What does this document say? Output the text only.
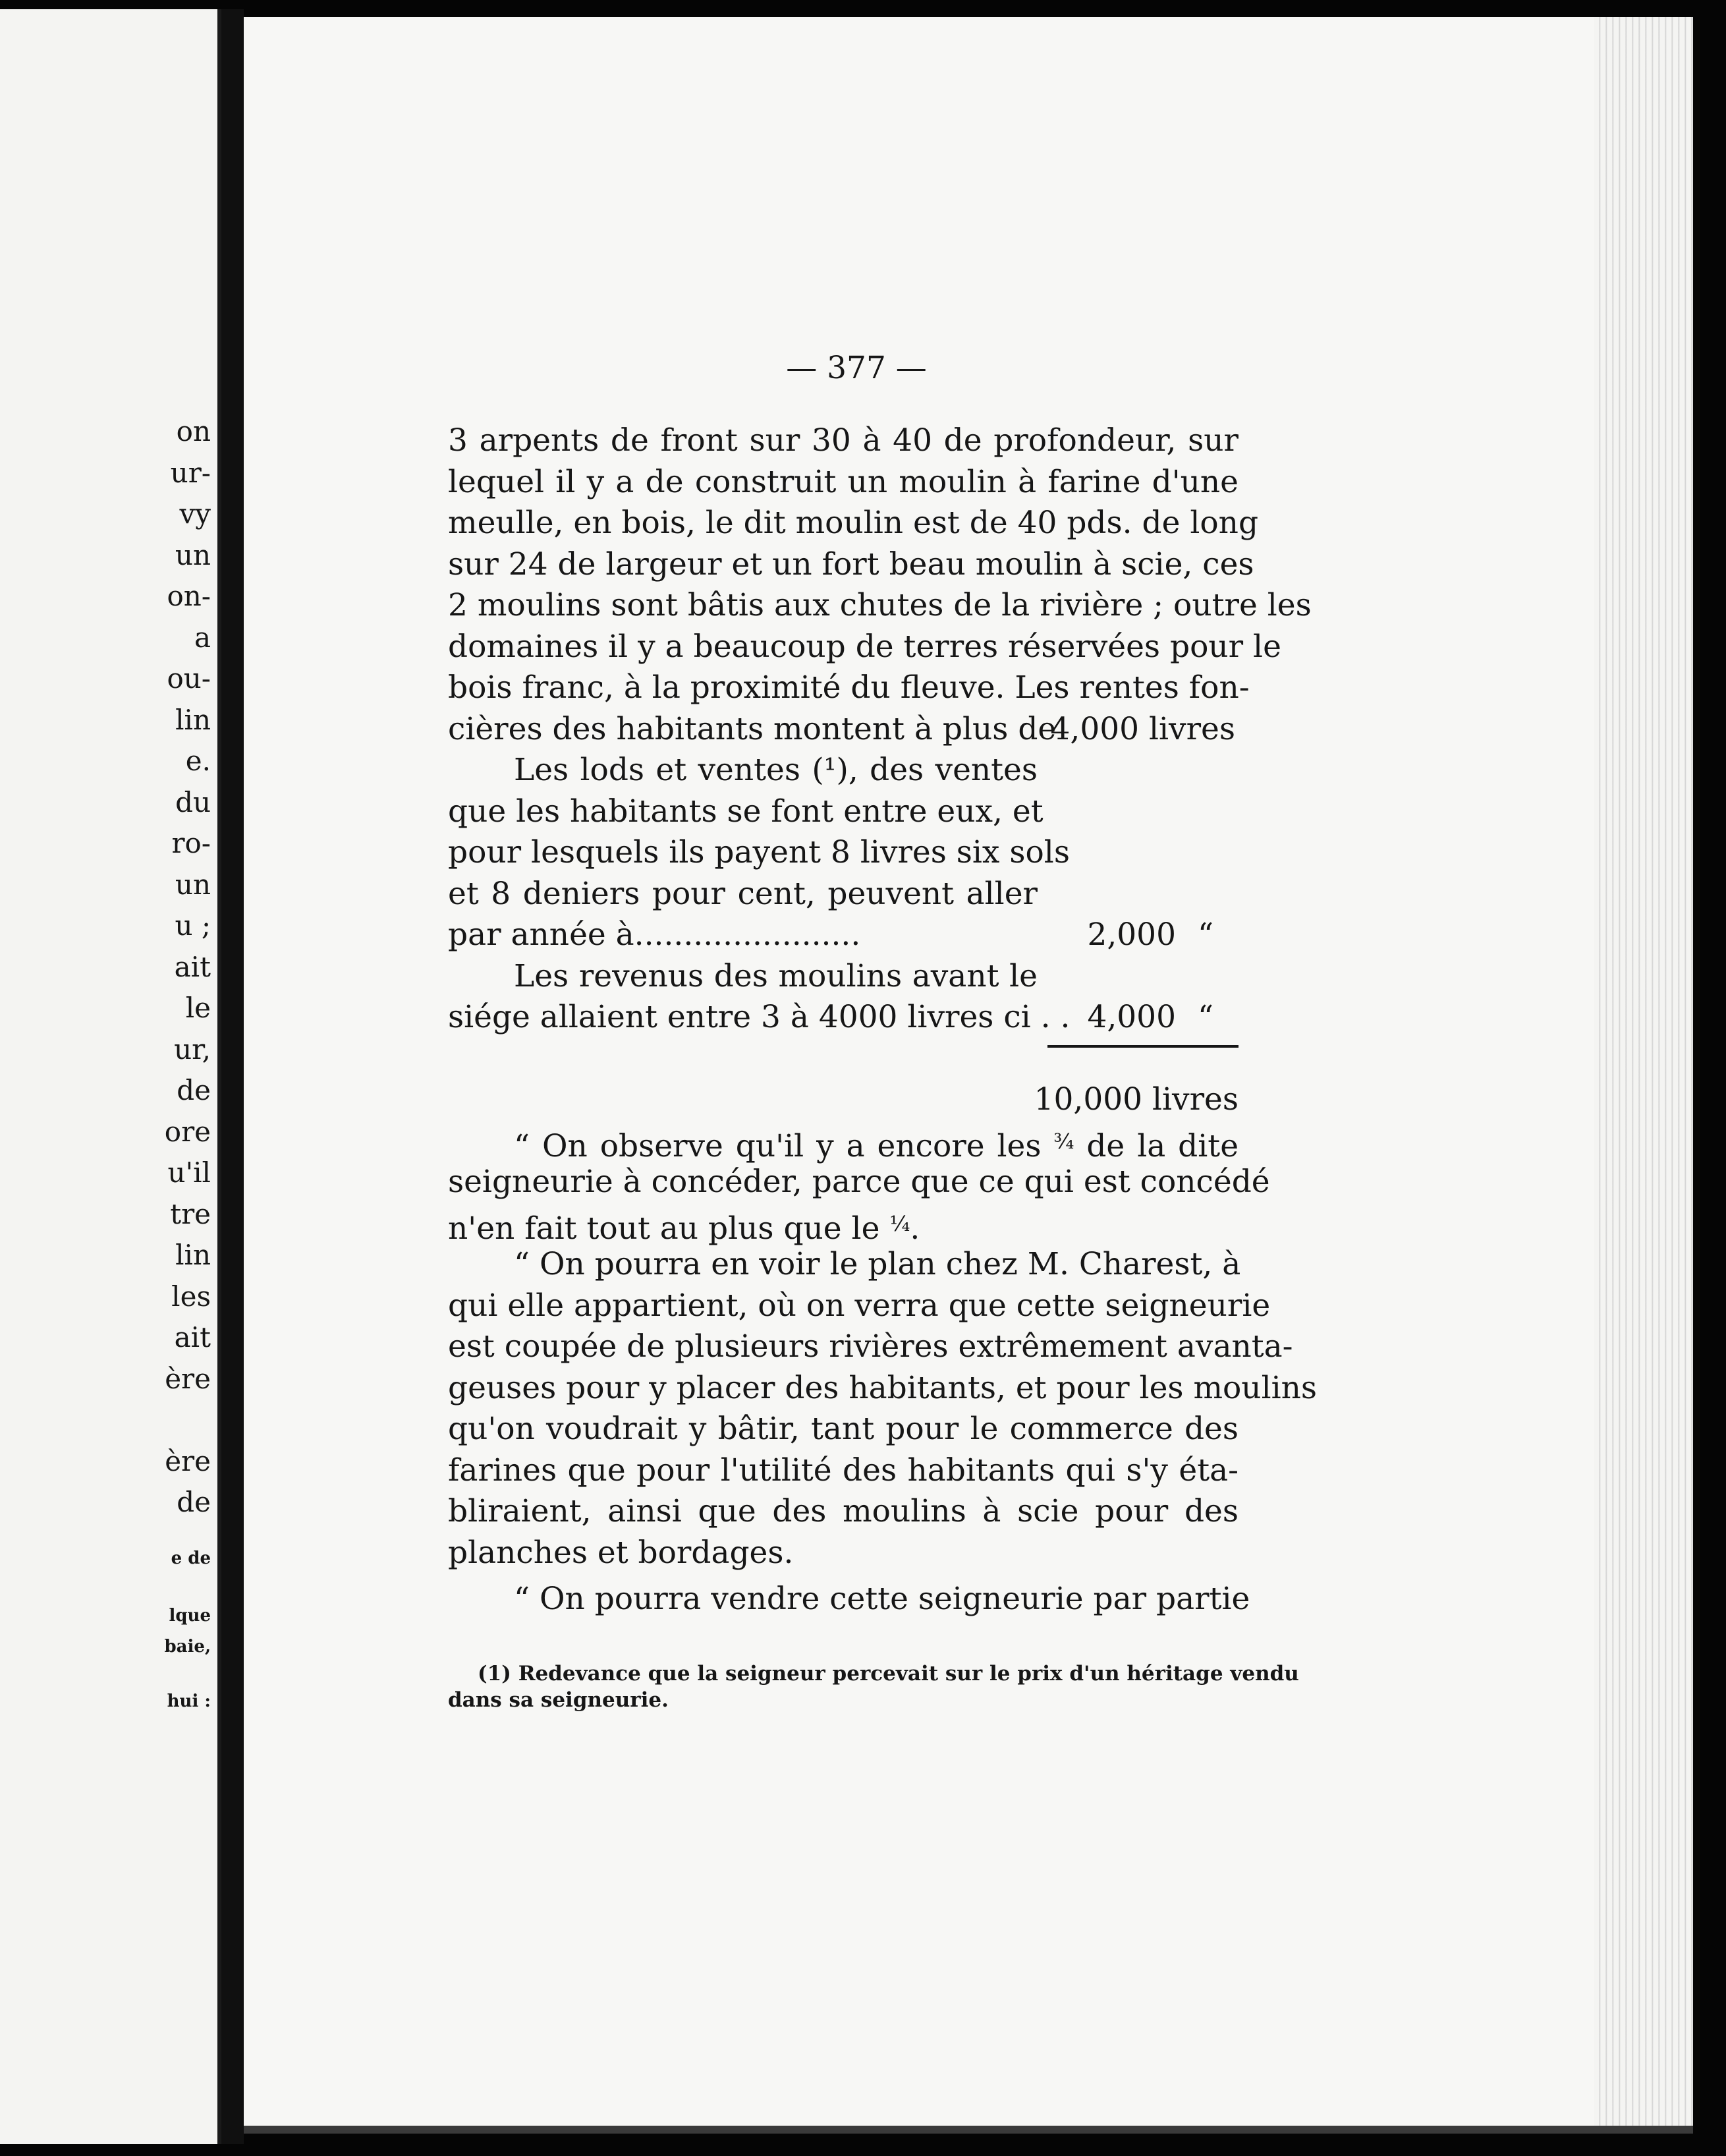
on
ur-
vy
un
on-
a
ou-
lin
e.
du
ro-
un
u ;
ait
le
ur,
de
ore
u'il
tre
lin
les
ait
ère
ère
de
e de
lque
baie,
hui :
— 377 —
3 arpents de front sur 30 à 40 de profondeur, sur
lequel il y a de construit un moulin à farine d'une
meulle, en bois, le dit moulin est de 40 pds. de long
sur 24 de largeur et un fort beau moulin à scie, ces
2 moulins sont bâtis aux chutes de la rivière ; outre les
domaines il y a beaucoup de terres réservées pour le
bois franc, à la proximité du fleuve. Les rentes fon-
cières des habitants montent à plus de
4,000 livres
Les lods et ventes (¹), des ventes
que les habitants se font entre eux, et
pour lesquels ils payent 8 livres six sols
et 8 deniers pour cent, peuvent aller
par année à.......................	2,000 “
Les revenus des moulins avant le
siége allaient entre 3 à 4000 livres ci . . 4,000 “
10,000 livres
“ On observe qu'il y a encore les $^{\frac{3}{4}}$ de la dite
seigneurie à concéder, parce que ce qui est concédé
n'en fait tout au plus que le $^{\frac{1}{4}}$.
“ On pourra en voir le plan chez M. Charest, à
qui elle appartient, où on verra que cette seigneurie
est coupée de plusieurs rivières extrêmement avanta-
geuses pour y placer des habitants, et pour les moulins
qu'on voudrait y bâtir, tant pour le commerce des
farines que pour l'utilité des habitants qui s'y éta-
bliraient, ainsi que des moulins à scie pour des
planches et bordages.
“ On pourra vendre cette seigneurie par partie
(1) Redevance que la seigneur percevait sur le prix d'un héritage vendu
dans sa seigneurie.
